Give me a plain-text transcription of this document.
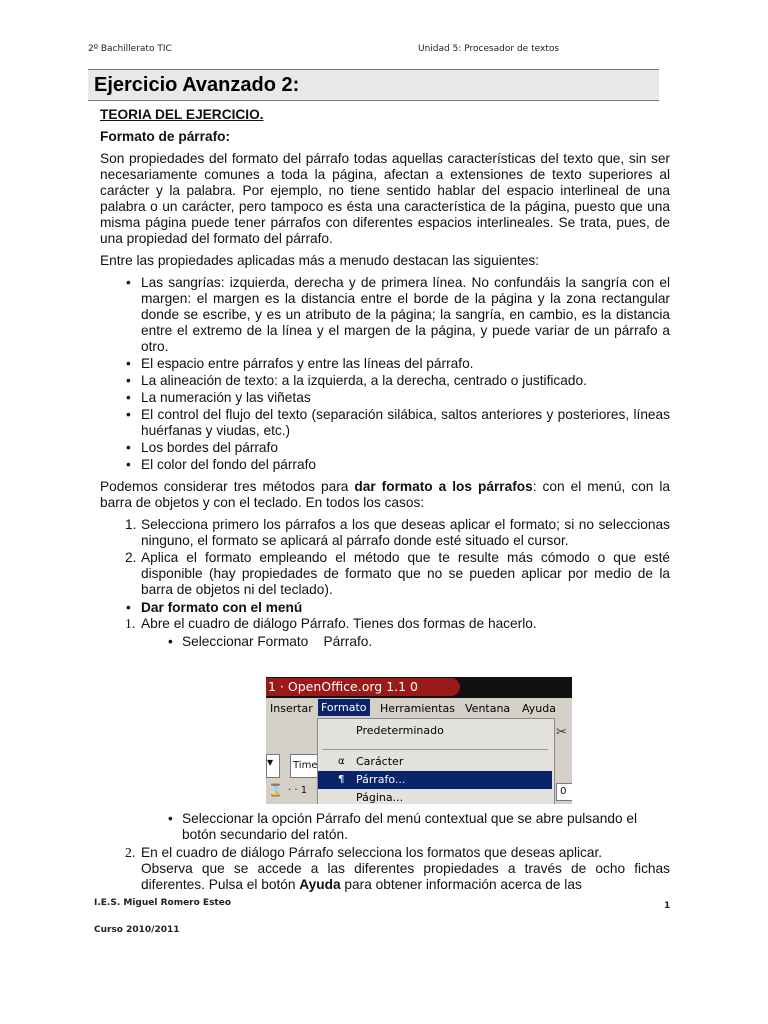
2º Bachillerato TIC	Unidad 5: Procesador de textos
Ejercicio Avanzado 2:

TEORIA DEL EJERCICIO.

Formato de párrafo:

Son propiedades del formato del párrafo todas aquellas características del texto que, sin ser necesariamente comunes a toda la página, afectan a extensiones de texto superiores al carácter y la palabra. Por ejemplo, no tiene sentido hablar del espacio interlineal de una palabra o un carácter, pero tampoco es ésta una característica de la página, puesto que una misma página puede tener párrafos con diferentes espacios interlineales. Se trata, pues, de una propiedad del formato del párrafo.

Entre las propiedades aplicadas más a menudo destacan las siguientes:

• Las sangrías: izquierda, derecha y de primera línea. No confundáis la sangría con el margen: el margen es la distancia entre el borde de la página y la zona rectangular donde se escribe, y es un atributo de la página; la sangría, en cambio, es la distancia entre el extremo de la línea y el margen de la página, y puede variar de un párrafo a otro.
• El espacio entre párrafos y entre las líneas del párrafo.
• La alineación de texto: a la izquierda, a la derecha, centrado o justificado.
• La numeración y las viñetas
• El control del flujo del texto (separación silábica, saltos anteriores y posteriores, líneas huérfanas y viudas, etc.)
• Los bordes del párrafo
• El color del fondo del párrafo

Podemos considerar tres métodos para dar formato a los párrafos: con el menú, con la barra de objetos y con el teclado. En todos los casos:

1. Selecciona primero los párrafos a los que deseas aplicar el formato; si no seleccionas ninguno, el formato se aplicará al párrafo donde esté situado el cursor.
2. Aplica el formato empleando el método que te resulte más cómodo o que esté disponible (hay propiedades de formato que no se pueden aplicar por medio de la barra de objetos ni del teclado).
• Dar formato con el menú
1. Abre el cuadro de diálogo Párrafo. Tienes dos formas de hacerlo.
• Seleccionar Formato    Párrafo.
1 · OpenOffice.org 1.1 0
Insertar Formato Herramientas Ventana Ayuda
▼	Time
✂
0
⌛ · · 1
Predeterminado
α Carácter
¶ Párrafo...
Página...
• Seleccionar la opción Párrafo del menú contextual que se abre pulsando el botón secundario del ratón.
2. En el cuadro de diálogo Párrafo selecciona los formatos que deseas aplicar.

Observa que se accede a las diferentes propiedades a través de ocho fichas diferentes. Pulsa el botón Ayuda para obtener información acerca de las

I.E.S. Miguel Romero Esteo	1
Curso 2010/2011
